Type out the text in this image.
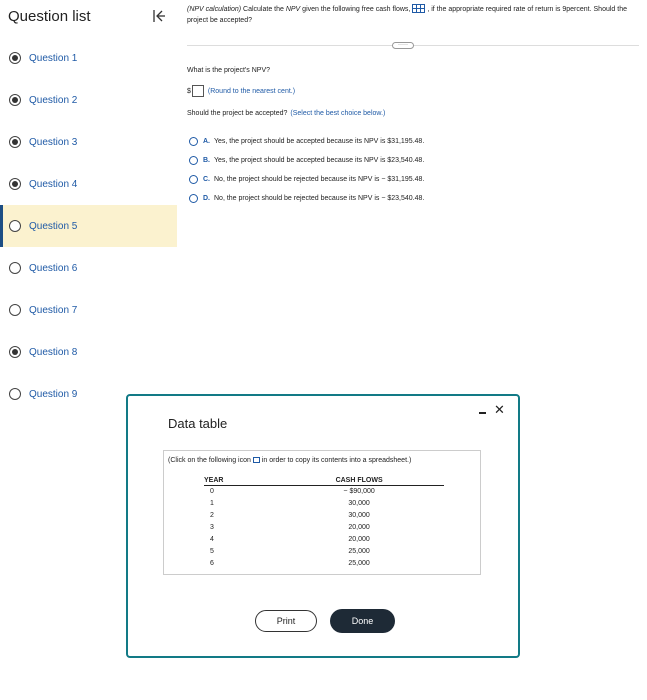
Question list
Question 1
Question 2
Question 3
Question 4
Question 5
Question 6
Question 7
Question 8
Question 9
(NPV calculation) Calculate the NPV given the following free cash flows, , if the appropriate required rate of return is 9percent. Should the project be accepted?
·····
What is the project's NPV?
$ (Round to the nearest cent.)
Should the project be accepted? (Select the best choice below.)
A. Yes, the project should be accepted because its NPV is $31,195.48.
B. Yes, the project should be accepted because its NPV is $23,540.48.
C. No, the project should be rejected because its NPV is − $31,195.48.
D. No, the project should be rejected because its NPV is − $23,540.48.
Data table
✕
(Click on the following icon in order to copy its contents into a spreadsheet.)
YEAR	CASH FLOWS
0	− $90,000
1	30,000
2	30,000
3	20,000
4	20,000
5	25,000
6	25,000
Print	Done
